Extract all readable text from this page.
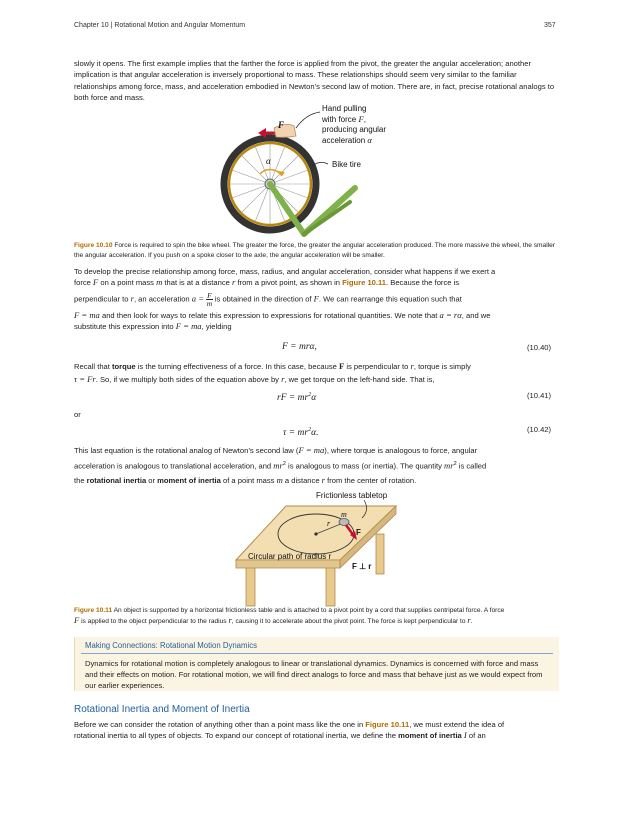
Chapter 10 | Rotational Motion and Angular Momentum	357

slowly it opens. The first example implies that the farther the force is applied from the pivot, the greater the angular acceleration; another implication is that angular acceleration is inversely proportional to mass. These relationships should seem very similar to the familiar relationships among force, mass, and acceleration embodied in Newton’s second law of motion. There are, in fact, precise rotational analogs to both force and mass.

F
α
Hand pulling
with force F,
producing angular
acceleration α
Bike tire

Figure 10.10 Force is required to spin the bike wheel. The greater the force, the greater the angular acceleration produced. The more massive the wheel, the smaller the angular acceleration. If you push on a spoke closer to the axle, the angular acceleration will be smaller.

To develop the precise relationship among force, mass, radius, and angular acceleration, consider what happens if we exert a
force F on a point mass m that is at a distance r from a pivot point, as shown in Figure 10.11. Because the force is
perpendicular to r, an acceleration $a = \frac{F}{m}$ is obtained in the direction of F. We can rearrange this equation such that
F = ma and then look for ways to relate this expression to expressions for rotational quantities. We note that a = rα, and we
substitute this expression into F = ma, yielding
F = mrα,	(10.40)
Recall that torque is the turning effectiveness of a force. In this case, because F is perpendicular to r, torque is simply
τ = Fr. So, if we multiply both sides of the equation above by r, we get torque on the left-hand side. That is,
rF = $mr^2\alpha$	(10.41)
or
$\tau = mr^2\alpha$.	(10.42)
This last equation is the rotational analog of Newton’s second law (F = ma), where torque is analogous to force, angular
acceleration is analogous to translational acceleration, and $mr^2$ is analogous to mass (or inertia). The quantity $mr^2$ is called
the rotational inertia or moment of inertia of a point mass m a distance r from the center of rotation.
m
r
F
Frictionless tabletop
Circular path of radius r
F ⊥ r

Figure 10.11 An object is supported by a horizontal frictionless table and is attached to a pivot point by a cord that supplies centripetal force. A force
F is applied to the object perpendicular to the radius r, causing it to accelerate about the pivot point. The force is kept perpendicular to r.

Making Connections: Rotational Motion Dynamics
Dynamics for rotational motion is completely analogous to linear or translational dynamics. Dynamics is concerned with force and mass and their effects on motion. For rotational motion, we will find direct analogs to force and mass that behave just as we would expect from our earlier experiences.
Rotational Inertia and Moment of Inertia
Before we can consider the rotation of anything other than a point mass like the one in Figure 10.11, we must extend the idea of
rotational inertia to all types of objects. To expand our concept of rotational inertia, we define the moment of inertia I of an
